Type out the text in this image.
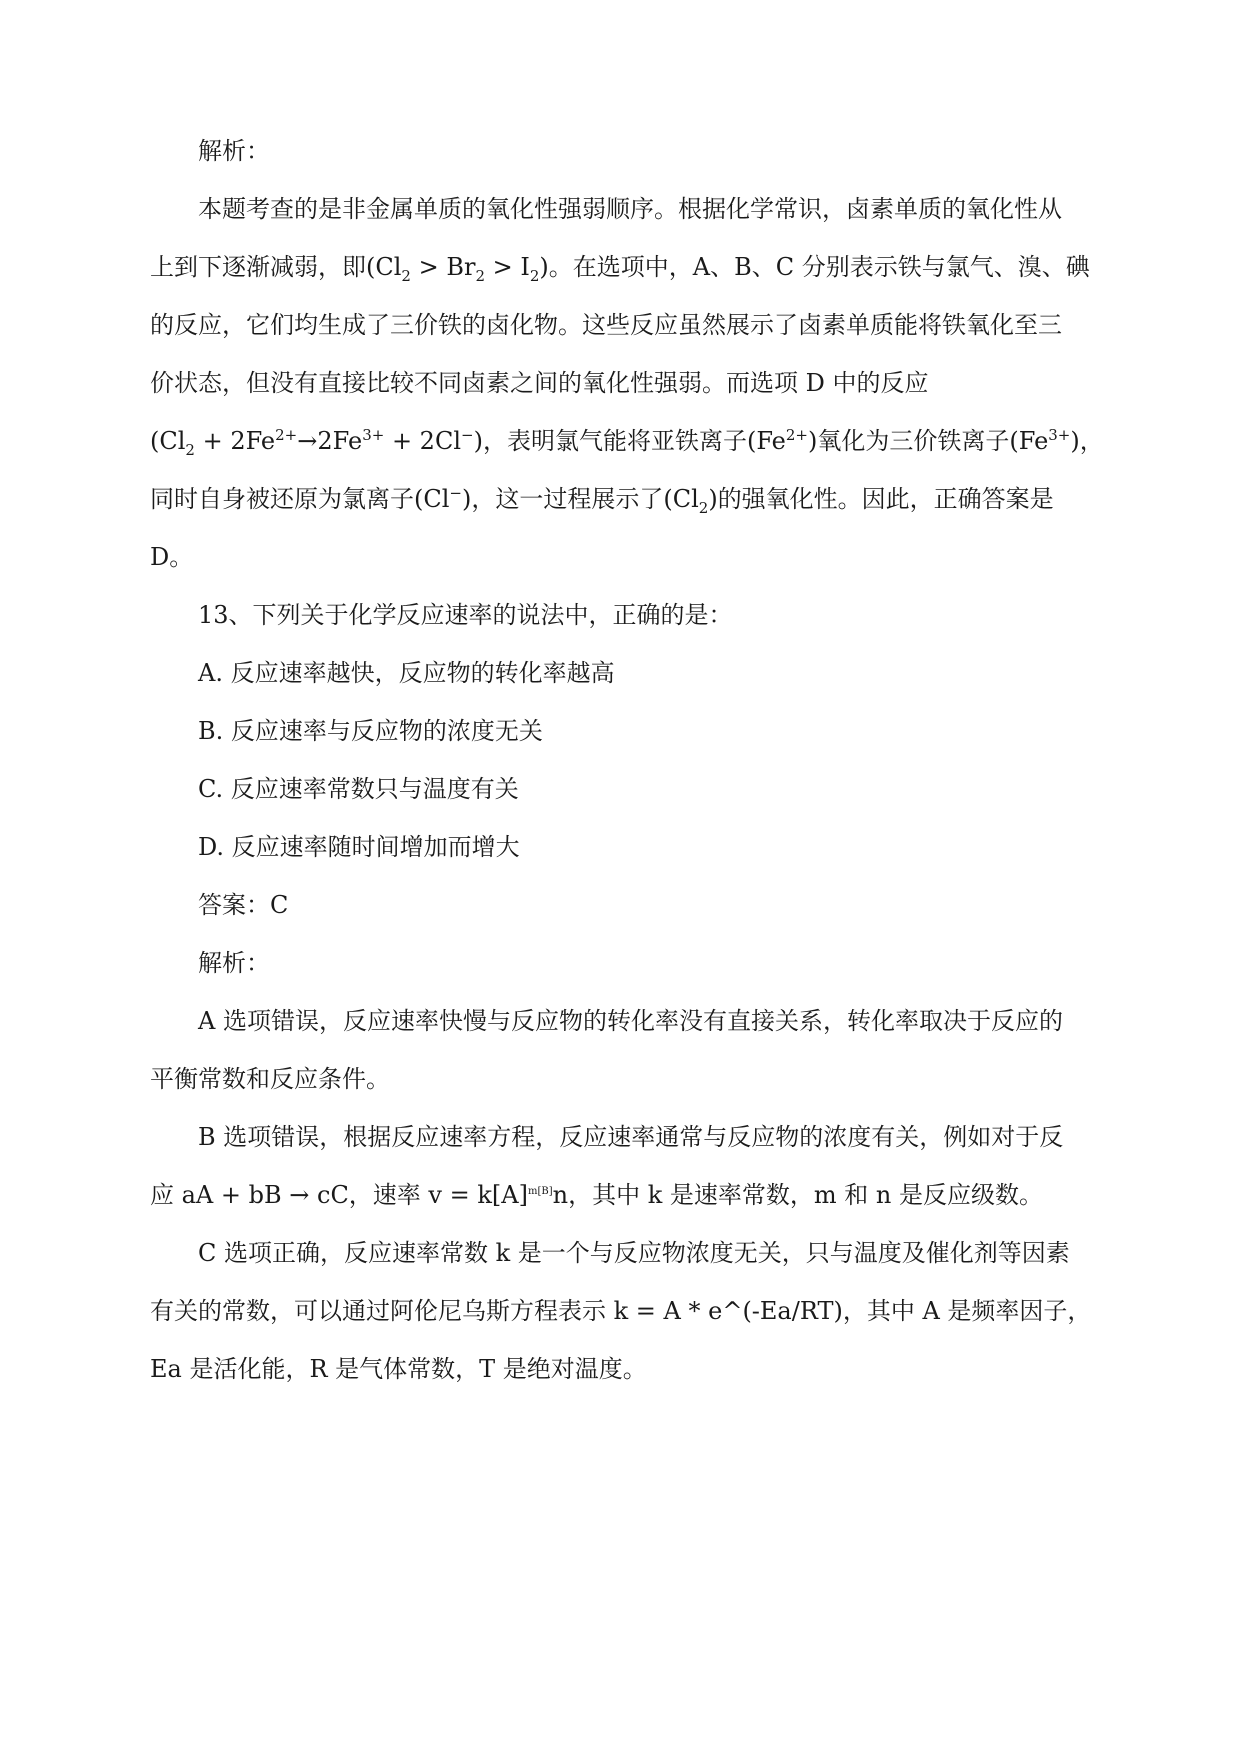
解析：
本题考查的是非金属单质的氧化性强弱顺序。根据化学常识，卤素单质的氧化性从
上到下逐渐减弱，即$(Cl_2 > Br_2 > I_2)$。在选项中，A、B、C 分别表示铁与氯气、溴、碘
的反应，它们均生成了三价铁的卤化物。这些反应虽然展示了卤素单质能将铁氧化至三
价状态，但没有直接比较不同卤素之间的氧化性强弱。而选项 D 中的反应
$(Cl_2 + 2Fe^{2+}\to 2Fe^{3+} + 2Cl^-)$，表明氯气能将亚铁离子$(Fe^{2+})$氧化为三价铁离子$(Fe^{3+})$，
同时自身被还原为氯离子(Cl−)，这一过程展示了$(Cl_2)$的强氧化性。因此，正确答案是
D。
13、下列关于化学反应速率的说法中，正确的是：
A. 反应速率越快，反应物的转化率越高
B. 反应速率与反应物的浓度无关
C. 反应速率常数只与温度有关
D. 反应速率随时间增加而增大
答案：C
解析：
A 选项错误，反应速率快慢与反应物的转化率没有直接关系，转化率取决于反应的
平衡常数和反应条件。
B 选项错误，根据反应速率方程，反应速率通常与反应物的浓度有关，例如对于反
应 aA + bB → cC，速率 $v = k[A]^{m[B]}n$，其中 k 是速率常数，m 和 n 是反应级数。
C 选项正确，反应速率常数 k 是一个与反应物浓度无关，只与温度及催化剂等因素
有关的常数，可以通过阿伦尼乌斯方程表示 k = A * e^(-Ea/RT)，其中 A 是频率因子，
Ea 是活化能，R 是气体常数，T 是绝对温度。
